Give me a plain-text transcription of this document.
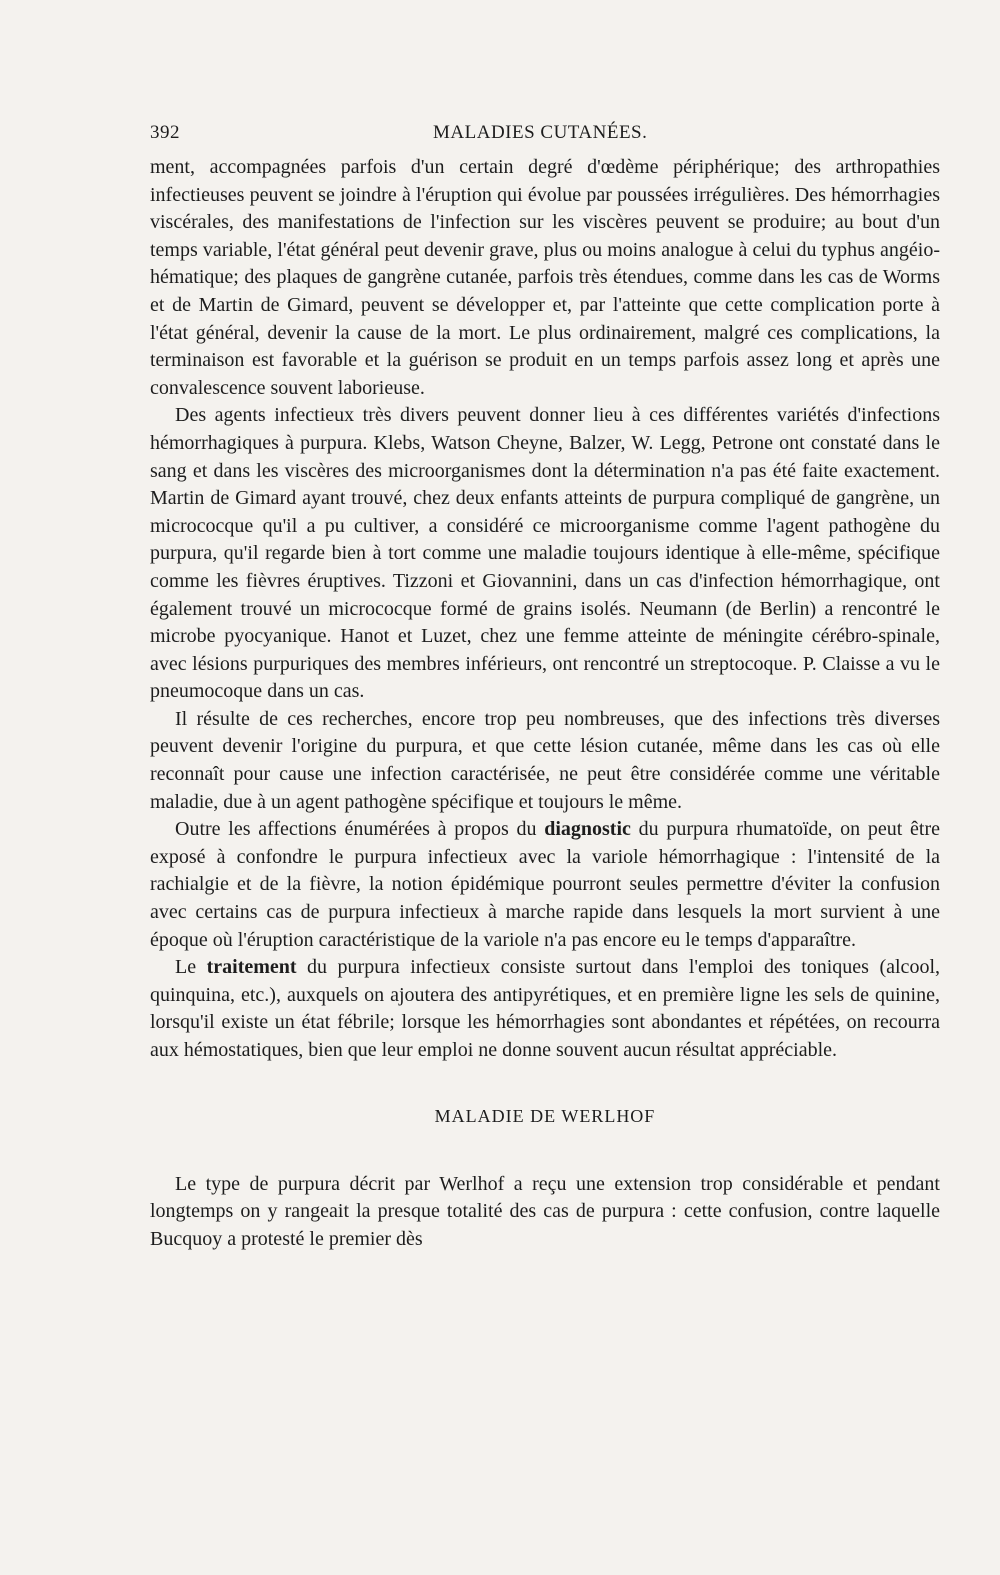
392	MALADIES CUTANÉES.

ment, accompagnées parfois d'un certain degré d'œdème périphérique; des arthropathies infectieuses peuvent se joindre à l'éruption qui évolue par poussées irrégulières. Des hémorrhagies viscérales, des manifestations de l'infection sur les viscères peuvent se produire; au bout d'un temps variable, l'état général peut devenir grave, plus ou moins analogue à celui du typhus angéio-hématique; des plaques de gangrène cutanée, parfois très étendues, comme dans les cas de Worms et de Martin de Gimard, peuvent se développer et, par l'atteinte que cette complication porte à l'état général, devenir la cause de la mort. Le plus ordinairement, malgré ces complications, la terminaison est favorable et la guérison se produit en un temps parfois assez long et après une convalescence souvent laborieuse.

Des agents infectieux très divers peuvent donner lieu à ces différentes variétés d'infections hémorrhagiques à purpura. Klebs, Watson Cheyne, Balzer, W. Legg, Petrone ont constaté dans le sang et dans les viscères des microorganismes dont la détermination n'a pas été faite exactement. Martin de Gimard ayant trouvé, chez deux enfants atteints de purpura compliqué de gangrène, un micrococque qu'il a pu cultiver, a considéré ce microorganisme comme l'agent pathogène du purpura, qu'il regarde bien à tort comme une maladie toujours identique à elle-même, spécifique comme les fièvres éruptives. Tizzoni et Giovannini, dans un cas d'infection hémorrhagique, ont également trouvé un micrococque formé de grains isolés. Neumann (de Berlin) a rencontré le microbe pyocyanique. Hanot et Luzet, chez une femme atteinte de méningite cérébro-spinale, avec lésions purpuriques des membres inférieurs, ont rencontré un streptocoque. P. Claisse a vu le pneumocoque dans un cas.

Il résulte de ces recherches, encore trop peu nombreuses, que des infections très diverses peuvent devenir l'origine du purpura, et que cette lésion cutanée, même dans les cas où elle reconnaît pour cause une infection caractérisée, ne peut être considérée comme une véritable maladie, due à un agent pathogène spécifique et toujours le même.

Outre les affections énumérées à propos du diagnostic du purpura rhumatoïde, on peut être exposé à confondre le purpura infectieux avec la variole hémorrhagique : l'intensité de la rachialgie et de la fièvre, la notion épidémique pourront seules permettre d'éviter la confusion avec certains cas de purpura infectieux à marche rapide dans lesquels la mort survient à une époque où l'éruption caractéristique de la variole n'a pas encore eu le temps d'apparaître.

Le traitement du purpura infectieux consiste surtout dans l'emploi des toniques (alcool, quinquina, etc.), auxquels on ajoutera des antipyrétiques, et en première ligne les sels de quinine, lorsqu'il existe un état fébrile; lorsque les hémorrhagies sont abondantes et répétées, on recourra aux hémostatiques, bien que leur emploi ne donne souvent aucun résultat appréciable.

MALADIE DE WERLHOF

Le type de purpura décrit par Werlhof a reçu une extension trop considérable et pendant longtemps on y rangeait la presque totalité des cas de purpura : cette confusion, contre laquelle Bucquoy a protesté le premier dès
